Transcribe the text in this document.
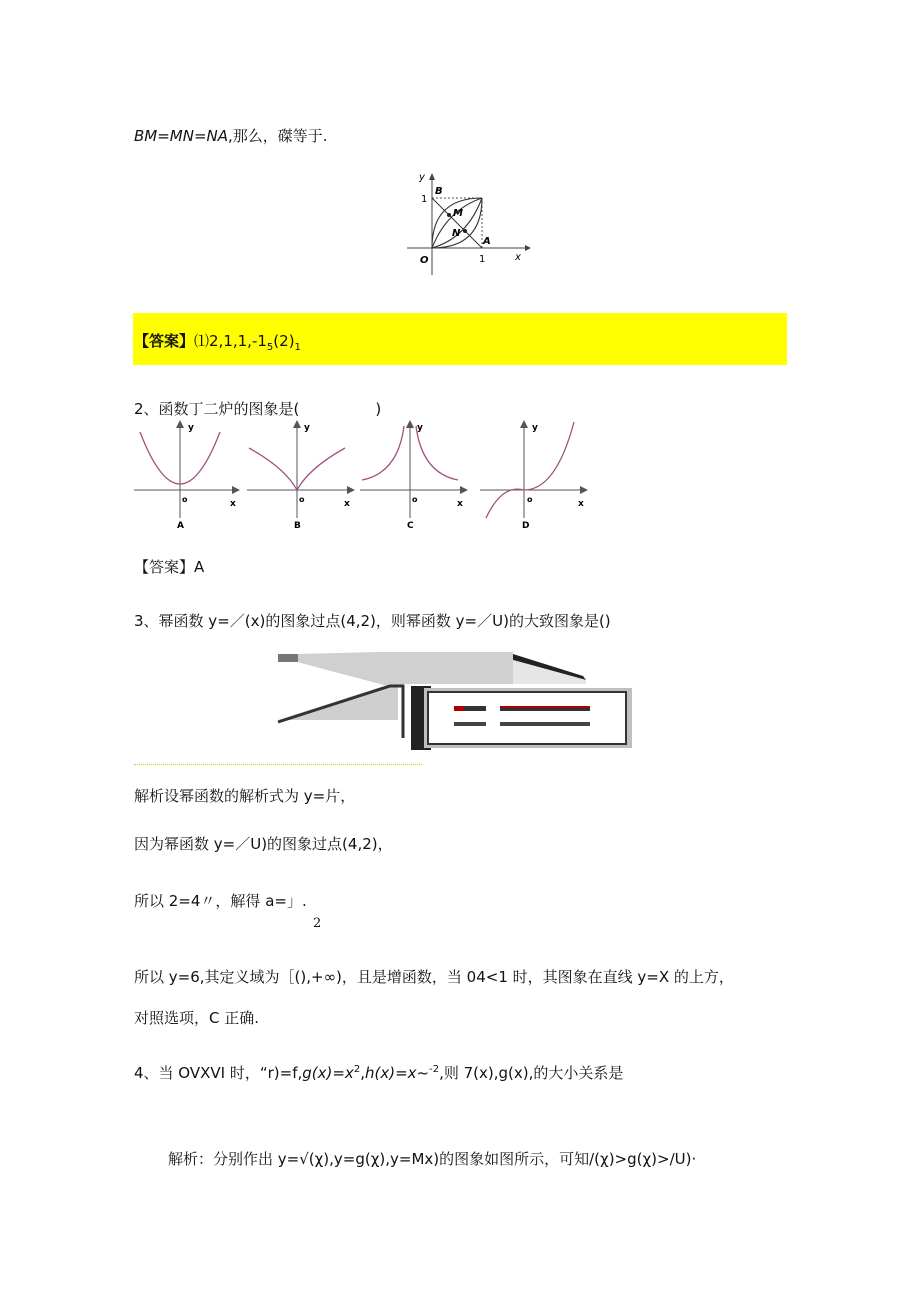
BM=MN=NA,那么，磔等于.
y
x
O	1
1
B
M
N
A
【答案】$⑴2,1,1,-1_5(2)_1$
2、函数丁二炉的图象是(	)
y
x
o
A
y
x
o
B
y
x
o
C
y
x
o
D
【答案】A
3、幂函数 y=／(x)的图象过点(4,2)，则幂函数 y=／U)的大致图象是()
解析设幂函数的解析式为 y=片，
因为幂函数 y=／U)的图象过点(4,2)，
所以 2=4〃，解得 a=」.
2
所以 y=6,其定义域为［(),+∞)，且是增函数，当 04<1 时，其图象在直线 y=X 的上方，
对照选项，C 正确.
4、当 OVXVI 时，“$r)=f,g(x)=x^2,h(x)=x\sim^{-2}$,则 7(x),g(x),的大小关系是
解析：分别作出 y=√(χ),y=g(χ),y=Mx)的图象如图所示，可知/(χ)>g(χ)>∕U)·
